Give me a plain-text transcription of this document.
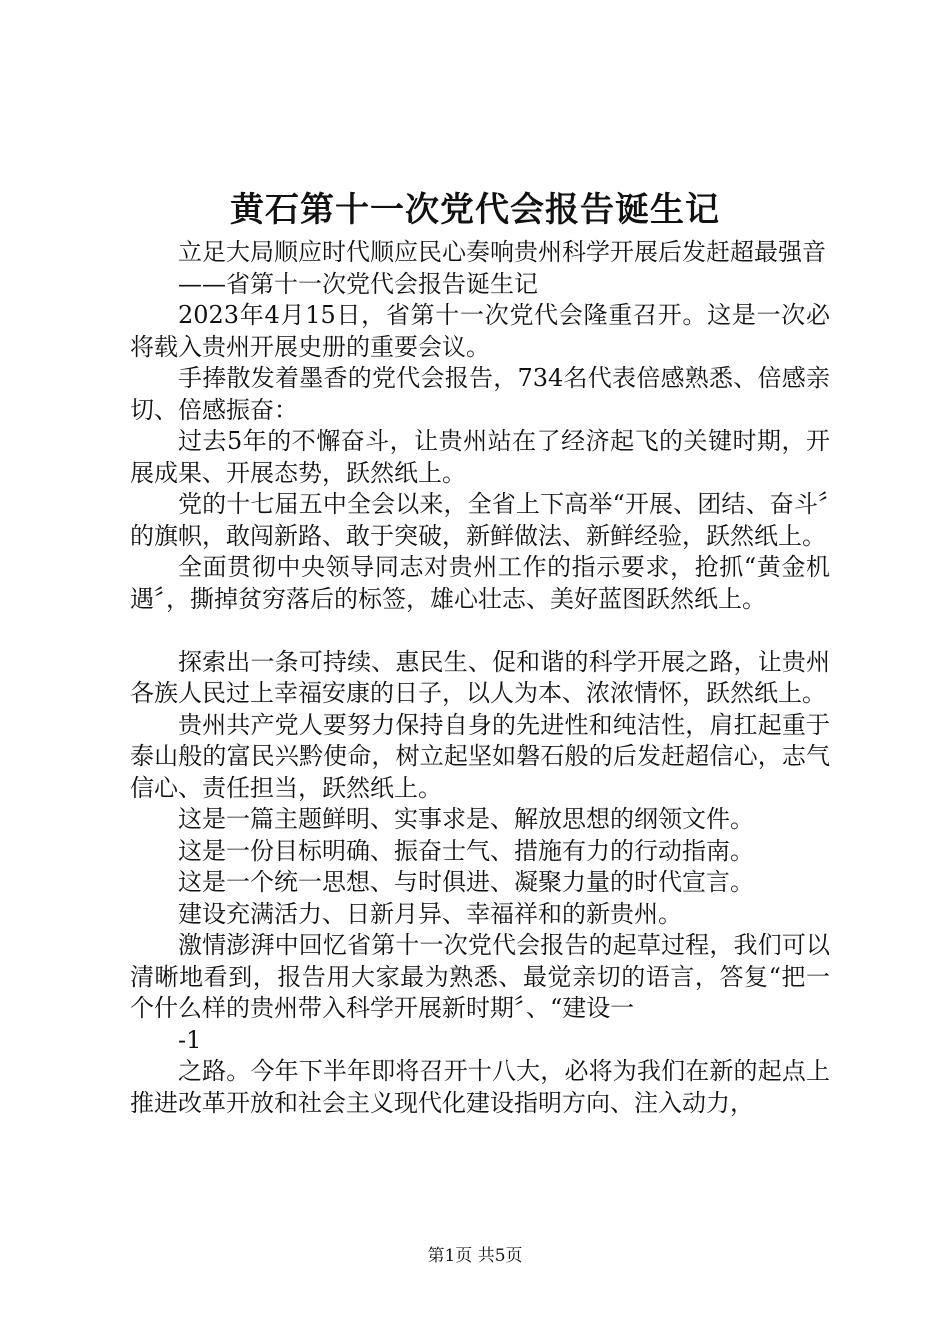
黄石第十一次党代会报告诞生记

立足大局顺应时代顺应民心奏响贵州科学开展后发赶超最强音

——省第十一次党代会报告诞生记

2023年4月15日，省第十一次党代会隆重召开。这是一次必将载入贵州开展史册的重要会议。

手捧散发着墨香的党代会报告，734名代表倍感熟悉、倍感亲切、倍感振奋：

过去5年的不懈奋斗，让贵州站在了经济起飞的关键时期，开展成果、开展态势，跃然纸上。

党的十七届五中全会以来，全省上下高举“开展、团结、奋斗〞的旗帜，敢闯新路、敢于突破，新鲜做法、新鲜经验，跃然纸上。

全面贯彻中央领导同志对贵州工作的指示要求，抢抓“黄金机遇〞，撕掉贫穷落后的标签，雄心壮志、美好蓝图跃然纸上。

探索出一条可持续、惠民生、促和谐的科学开展之路，让贵州各族人民过上幸福安康的日子，以人为本、浓浓情怀，跃然纸上。

贵州共产党人要努力保持自身的先进性和纯洁性，肩扛起重于泰山般的富民兴黔使命，树立起坚如磐石般的后发赶超信心，志气信心、责任担当，跃然纸上。

这是一篇主题鲜明、实事求是、解放思想的纲领文件。

这是一份目标明确、振奋士气、措施有力的行动指南。

这是一个统一思想、与时俱进、凝聚力量的时代宣言。

建设充满活力、日新月异、幸福祥和的新贵州。

激情澎湃中回忆省第十一次党代会报告的起草过程，我们可以清晰地看到，报告用大家最为熟悉、最觉亲切的语言，答复“把一个什么样的贵州带入科学开展新时期〞、“建设一

-1

之路。今年下半年即将召开十八大，必将为我们在新的起点上推进改革开放和社会主义现代化建设指明方向、注入动力，

第1页 共5页
